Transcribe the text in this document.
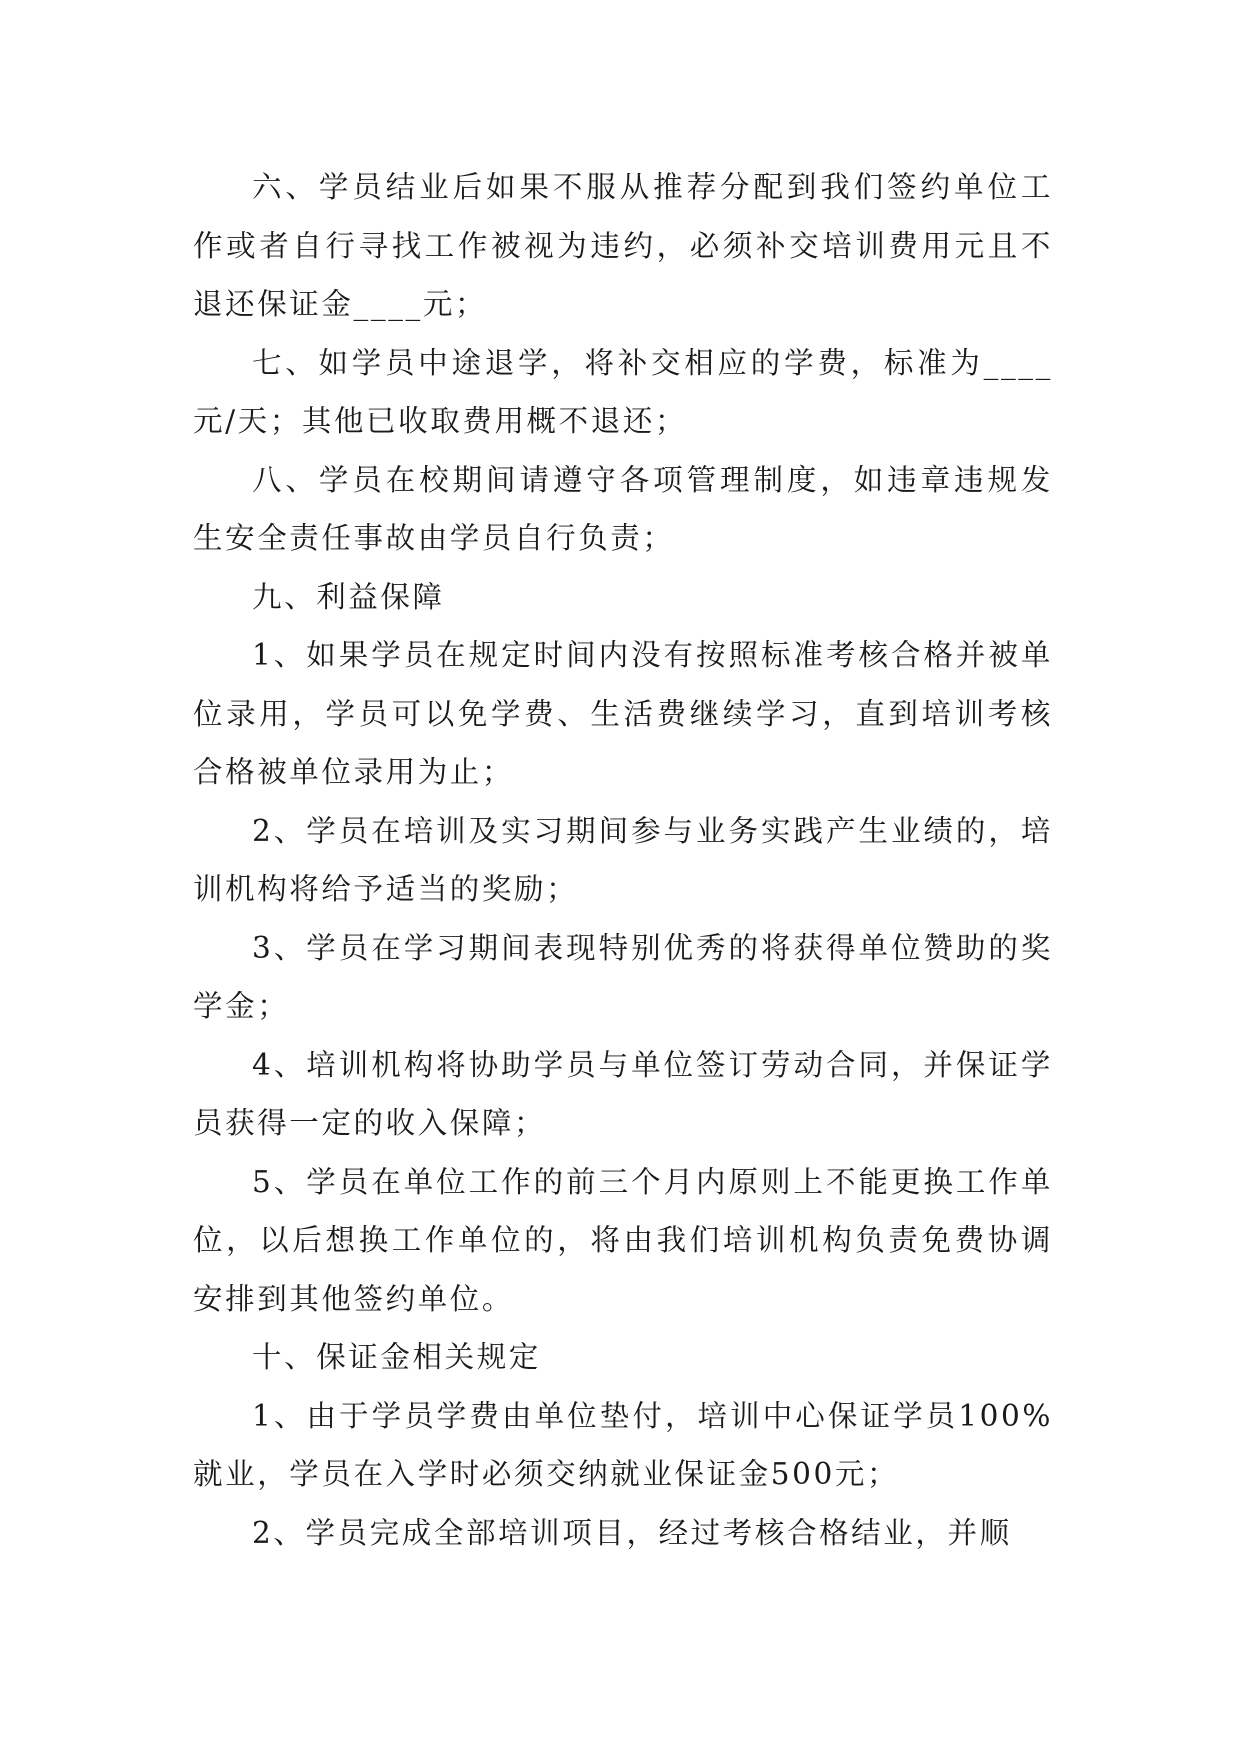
六、学员结业后如果不服从推荐分配到我们签约单位工作或者自行寻找工作被视为违约，必须补交培训费用元且不退还保证金____元；

七、如学员中途退学，将补交相应的学费，标准为____元/天；其他已收取费用概不退还；

八、学员在校期间请遵守各项管理制度，如违章违规发生安全责任事故由学员自行负责；

九、利益保障

1、如果学员在规定时间内没有按照标准考核合格并被单位录用，学员可以免学费、生活费继续学习，直到培训考核合格被单位录用为止；

2、学员在培训及实习期间参与业务实践产生业绩的，培训机构将给予适当的奖励；

3、学员在学习期间表现特别优秀的将获得单位赞助的奖学金；

4、培训机构将协助学员与单位签订劳动合同，并保证学员获得一定的收入保障；

5、学员在单位工作的前三个月内原则上不能更换工作单位，以后想换工作单位的，将由我们培训机构负责免费协调安排到其他签约单位。

十、保证金相关规定

1、由于学员学费由单位垫付，培训中心保证学员100%就业，学员在入学时必须交纳就业保证金500元；

2、学员完成全部培训项目，经过考核合格结业，并顺
